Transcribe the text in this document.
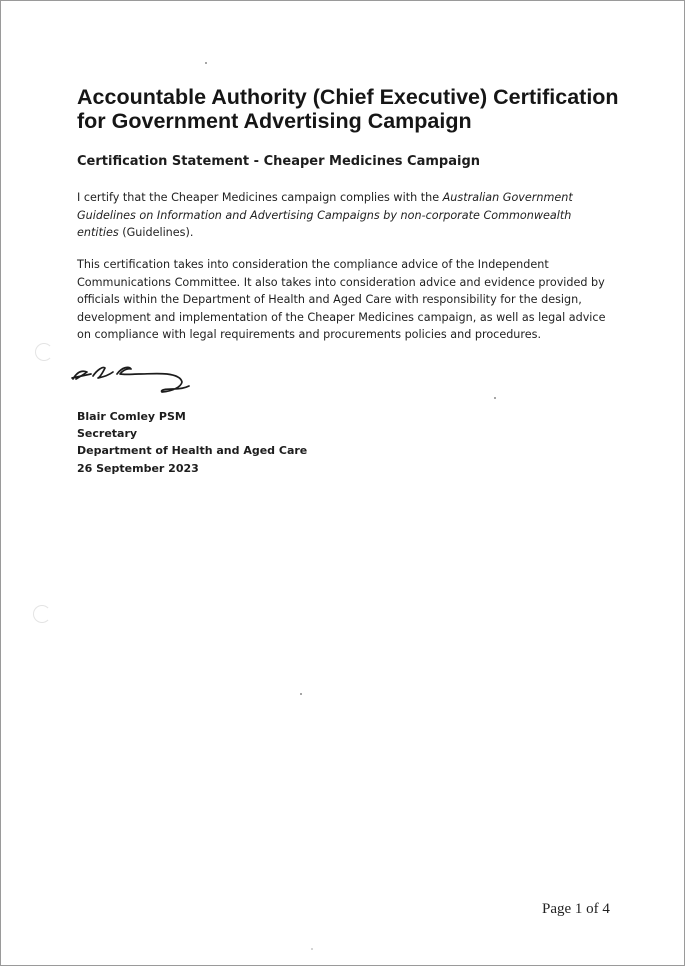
Accountable Authority (Chief Executive) Certification
for Government Advertising Campaign
Certification Statement - Cheaper Medicines Campaign

I certify that the Cheaper Medicines campaign complies with the Australian Government
Guidelines on Information and Advertising Campaigns by non-corporate Commonwealth
entities (Guidelines).

This certification takes into consideration the compliance advice of the Independent
Communications Committee. It also takes into consideration advice and evidence provided by
officials within the Department of Health and Aged Care with responsibility for the design,
development and implementation of the Cheaper Medicines campaign, as well as legal advice
on compliance with legal requirements and procurements policies and procedures.

Blair Comley PSM
Secretary
Department of Health and Aged Care
26 September 2023
Page 1 of 4
